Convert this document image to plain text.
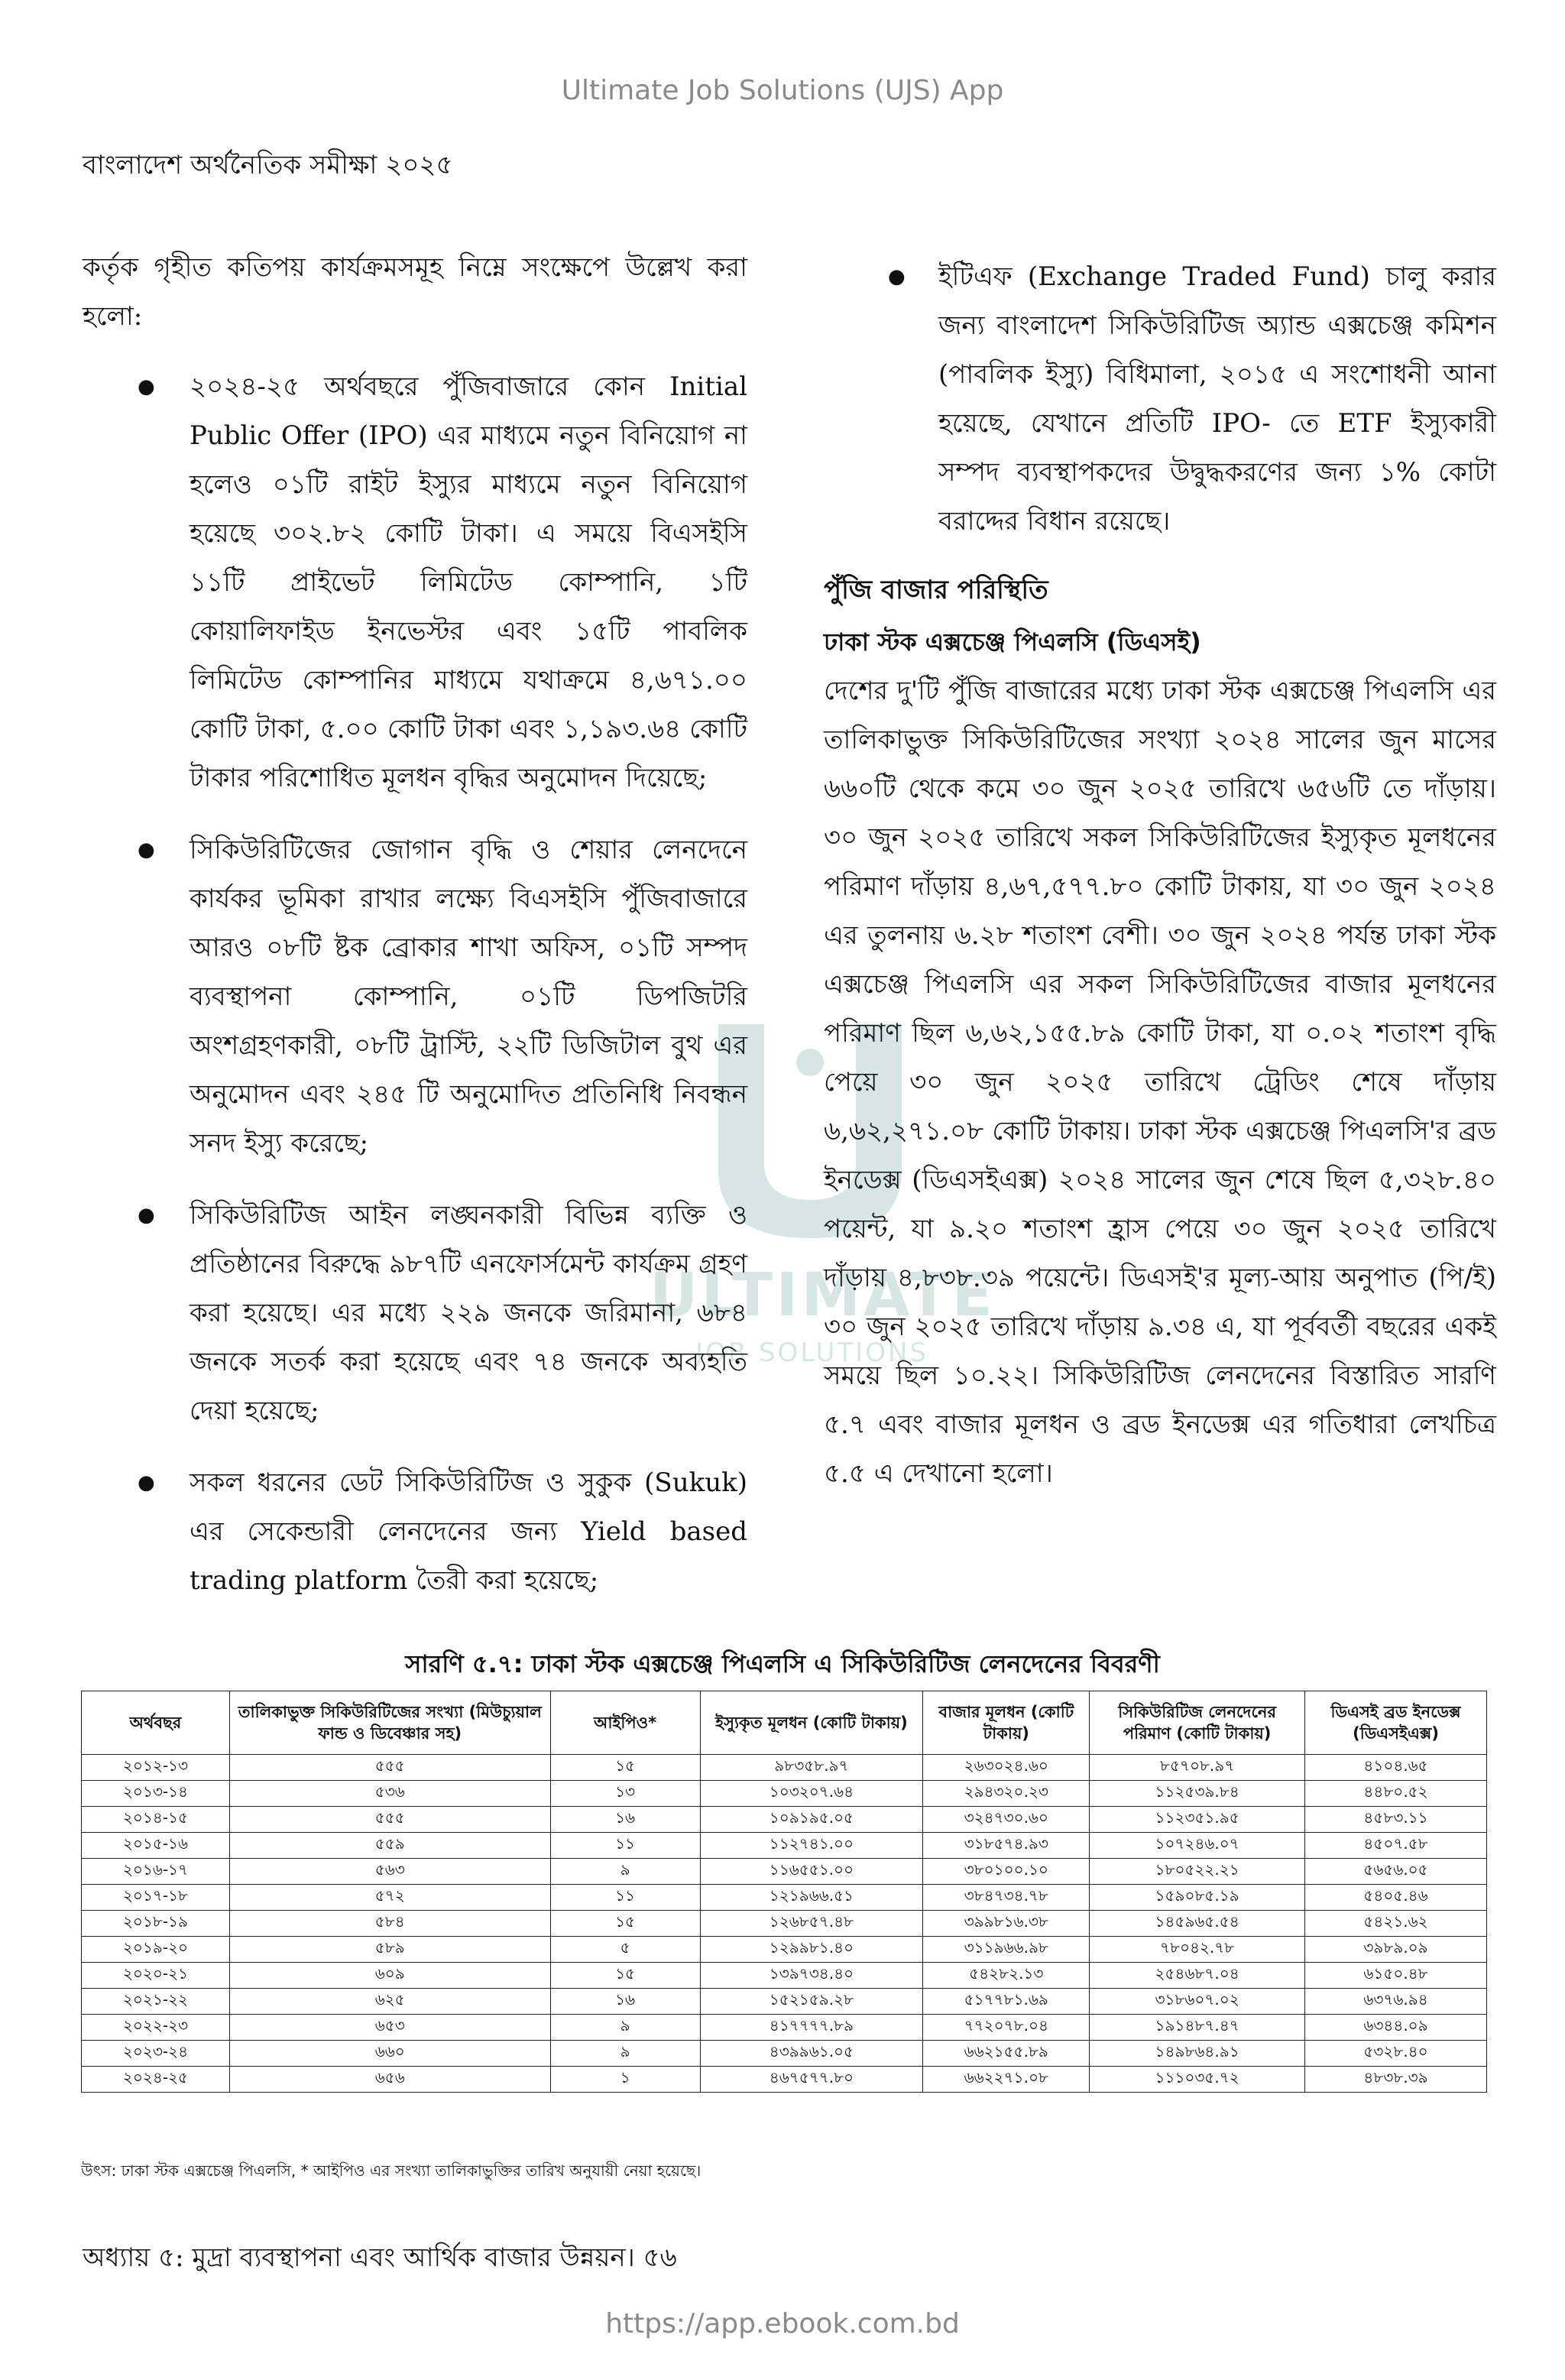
Ultimate Job Solutions (UJS) App
বাংলাদেশ অর্থনৈতিক সমীক্ষা ২০২৫
ULTIMATE
JOB SOLUTIONS

কর্তৃক গৃহীত কতিপয় কার্যক্রমসমূহ নিম্নে সংক্ষেপে উল্লেখ করা হলো:

● ২০২৪-২৫ অর্থবছরে পুঁজিবাজারে কোন Initial Public Offer (IPO) এর মাধ্যমে নতুন বিনিয়োগ না হলেও ০১টি রাইট ইস্যুর মাধ্যমে নতুন বিনিয়োগ হয়েছে ৩০২.৮২ কোটি টাকা। এ সময়ে বিএসইসি ১১টি প্রাইভেট লিমিটেড কোম্পানি, ১টি কোয়ালিফাইড ইনভেস্টর এবং ১৫টি পাবলিক লিমিটেড কোম্পানির মাধ্যমে যথাক্রমে ৪,৬৭১.০০ কোটি টাকা, ৫.০০ কোটি টাকা এবং ১,১৯৩.৬৪ কোটি টাকার পরিশোধিত মূলধন বৃদ্ধির অনুমোদন দিয়েছে;
● সিকিউরিটিজের জোগান বৃদ্ধি ও শেয়ার লেনদেনে কার্যকর ভূমিকা রাখার লক্ষ্যে বিএসইসি পুঁজিবাজারে আরও ০৮টি ষ্টক ব্রোকার শাখা অফিস, ০১টি সম্পদ ব্যবস্থাপনা কোম্পানি, ০১টি ডিপজিটরি অংশগ্রহণকারী, ০৮টি ট্রাস্টি, ২২টি ডিজিটাল বুথ এর অনুমোদন এবং ২৪৫ টি অনুমোদিত প্রতিনিধি নিবন্ধন সনদ ইস্যু করেছে;
● সিকিউরিটিজ আইন লঙ্ঘনকারী বিভিন্ন ব্যক্তি ও প্রতিষ্ঠানের বিরুদ্ধে ৯৮৭টি এনফোর্সমেন্ট কার্যক্রম গ্রহণ করা হয়েছে। এর মধ্যে ২২৯ জনকে জরিমানা, ৬৮৪ জনকে সতর্ক করা হয়েছে এবং ৭৪ জনকে অব্যহতি দেয়া হয়েছে;
● সকল ধরনের ডেট সিকিউরিটিজ ও সুকুক (Sukuk) এর সেকেন্ডারী লেনদেনের জন্য Yield based trading platform তৈরী করা হয়েছে;
● ইটিএফ (Exchange Traded Fund) চালু করার জন্য বাংলাদেশ সিকিউরিটিজ অ্যান্ড এক্সচেঞ্জ কমিশন (পাবলিক ইস্যু) বিধিমালা, ২০১৫ এ সংশোধনী আনা হয়েছে, যেখানে প্রতিটি IPO- তে ETF ইস্যুকারী সম্পদ ব্যবস্থাপকদের উদ্বুদ্ধকরণের জন্য ১% কোটা বরাদ্দের বিধান রয়েছে।
পুঁজি বাজার পরিস্থিতি
ঢাকা স্টক এক্সচেঞ্জ পিএলসি (ডিএসই)

দেশের দু'টি পুঁজি বাজারের মধ্যে ঢাকা স্টক এক্সচেঞ্জ পিএলসি এর তালিকাভুক্ত সিকিউরিটিজের সংখ্যা ২০২৪ সালের জুন মাসের ৬৬০টি থেকে কমে ৩০ জুন ২০২৫ তারিখে ৬৫৬টি তে দাঁড়ায়। ৩০ জুন ২০২৫ তারিখে সকল সিকিউরিটিজের ইস্যুকৃত মূলধনের পরিমাণ দাঁড়ায় ৪,৬৭,৫৭৭.৮০ কোটি টাকায়, যা ৩০ জুন ২০২৪ এর তুলনায় ৬.২৮ শতাংশ বেশী। ৩০ জুন ২০২৪ পর্যন্ত ঢাকা স্টক এক্সচেঞ্জ পিএলসি এর সকল সিকিউরিটিজের বাজার মূলধনের পরিমাণ ছিল ৬,৬২,১৫৫.৮৯ কোটি টাকা, যা ০.০২ শতাংশ বৃদ্ধি পেয়ে ৩০ জুন ২০২৫ তারিখে ট্রেডিং শেষে দাঁড়ায় ৬,৬২,২৭১.০৮ কোটি টাকায়। ঢাকা স্টক এক্সচেঞ্জ পিএলসি'র ব্রড ইনডেক্স (ডিএসইএক্স) ২০২৪ সালের জুন শেষে ছিল ৫,৩২৮.৪০ পয়েন্ট, যা ৯.২০ শতাংশ হ্রাস পেয়ে ৩০ জুন ২০২৫ তারিখে দাঁড়ায় ৪,৮৩৮.৩৯ পয়েন্টে। ডিএসই'র মূল্য-আয় অনুপাত (পি/ই) ৩০ জুন ২০২৫ তারিখে দাঁড়ায় ৯.৩৪ এ, যা পূর্ববর্তী বছরের একই সময়ে ছিল ১০.২২। সিকিউরিটিজ লেনদেনের বিস্তারিত সারণি ৫.৭ এবং বাজার মূলধন ও ব্রড ইনডেক্স এর গতিধারা লেখচিত্র ৫.৫ এ দেখানো হলো।

সারণি ৫.৭: ঢাকা স্টক এক্সচেঞ্জ পিএলসি এ সিকিউরিটিজ লেনদেনের বিবরণী
অর্থবছর	তালিকাভুক্ত সিকিউরিটিজের সংখ্যা (মিউচ্যুয়াল ফান্ড ও ডিবেঞ্চার সহ)	আইপিও*	ইস্যুকৃত মূলধন (কোটি টাকায়)	বাজার মূলধন (কোটি টাকায়)	সিকিউরিটিজ লেনদেনের পরিমাণ (কোটি টাকায়)	ডিএসই ব্রড ইনডেক্স (ডিএসইএক্স)
২০১২-১৩	৫৫৫	১৫	৯৮৩৫৮.৯৭	২৬৩০২৪.৬০	৮৫৭০৮.৯৭	৪১০৪.৬৫
২০১৩-১৪	৫৩৬	১৩	১০৩২০৭.৬৪	২৯৪৩২০.২৩	১১২৫৩৯.৮৪	৪৪৮০.৫২
২০১৪-১৫	৫৫৫	১৬	১০৯১৯৫.০৫	৩২৪৭৩০.৬০	১১২৩৫১.৯৫	৪৫৮৩.১১
২০১৫-১৬	৫৫৯	১১	১১২৭৪১.০০	৩১৮৫৭৪.৯৩	১০৭২৪৬.০৭	৪৫০৭.৫৮
২০১৬-১৭	৫৬৩	৯	১১৬৫৫১.০০	৩৮০১০০.১০	১৮০৫২২.২১	৫৬৫৬.০৫
২০১৭-১৮	৫৭২	১১	১২১৯৬৬.৫১	৩৮৪৭৩৪.৭৮	১৫৯০৮৫.১৯	৫৪০৫.৪৬
২০১৮-১৯	৫৮৪	১৫	১২৬৮৫৭.৪৮	৩৯৯৮১৬.৩৮	১৪৫৯৬৫.৫৪	৫৪২১.৬২
২০১৯-২০	৫৮৯	৫	১২৯৯৮১.৪০	৩১১৯৬৬.৯৮	৭৮০৪২.৭৮	৩৯৮৯.০৯
২০২০-২১	৬০৯	১৫	১৩৯৭৩৪.৪০	৫৪২৮২.১৩	২৫৪৬৮৭.০৪	৬১৫০.৪৮
২০২১-২২	৬২৫	১৬	১৫২১৫৯.২৮	৫১৭৭৮১.৬৯	৩১৮৬০৭.০২	৬৩৭৬.৯৪
২০২২-২৩	৬৫৩	৯	৪১৭৭৭৭.৮৯	৭৭২০৭৮.০৪	১৯১৪৮৭.৪৭	৬৩৪৪.০৯
২০২৩-২৪	৬৬০	৯	৪৩৯৯৬১.০৫	৬৬২১৫৫.৮৯	১৪৯৮৬৪.৯১	৫৩২৮.৪০
২০২৪-২৫	৬৫৬	১	৪৬৭৫৭৭.৮০	৬৬২২৭১.০৮	১১১০৩৫.৭২	৪৮৩৮.৩৯
উৎস: ঢাকা স্টক এক্সচেঞ্জ পিএলসি, * আইপিও এর সংখ্যা তালিকাভুক্তির তারিখ অনুযায়ী নেয়া হয়েছে।
অধ্যায় ৫: মুদ্রা ব্যবস্থাপনা এবং আর্থিক বাজার উন্নয়ন। ৫৬
https://app.ebook.com.bd
